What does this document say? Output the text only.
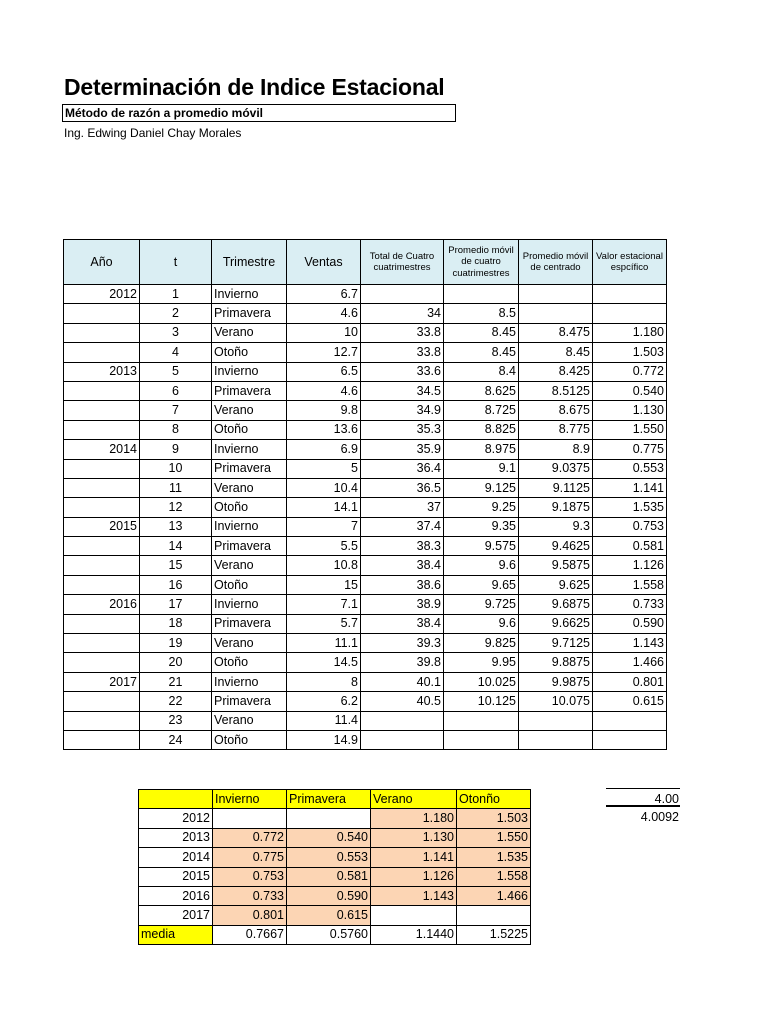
Determinación de Indice Estacional
Método de razón a promedio móvil
Ing. Edwing Daniel Chay Morales
Año	t	Trimestre	Ventas	Total de Cuatro cuatrimestres	Promedio móvil de cuatro cuatrimestres	Promedio móvil de centrado	Valor estacional espcífico
2012	1	Invierno	6.7				
	2	Primavera	4.6	34	8.5		
	3	Verano	10	33.8	8.45	8.475	1.180
	4	Otoño	12.7	33.8	8.45	8.45	1.503
2013	5	Invierno	6.5	33.6	8.4	8.425	0.772
	6	Primavera	4.6	34.5	8.625	8.5125	0.540
	7	Verano	9.8	34.9	8.725	8.675	1.130
	8	Otoño	13.6	35.3	8.825	8.775	1.550
2014	9	Invierno	6.9	35.9	8.975	8.9	0.775
	10	Primavera	5	36.4	9.1	9.0375	0.553
	11	Verano	10.4	36.5	9.125	9.1125	1.141
	12	Otoño	14.1	37	9.25	9.1875	1.535
2015	13	Invierno	7	37.4	9.35	9.3	0.753
	14	Primavera	5.5	38.3	9.575	9.4625	0.581
	15	Verano	10.8	38.4	9.6	9.5875	1.126
	16	Otoño	15	38.6	9.65	9.625	1.558
2016	17	Invierno	7.1	38.9	9.725	9.6875	0.733
	18	Primavera	5.7	38.4	9.6	9.6625	0.590
	19	Verano	11.1	39.3	9.825	9.7125	1.143
	20	Otoño	14.5	39.8	9.95	9.8875	1.466
2017	21	Invierno	8	40.1	10.025	9.9875	0.801
	22	Primavera	6.2	40.5	10.125	10.075	0.615
	23	Verano	11.4				
	24	Otoño	14.9				
	Invierno	Primavera	Verano	Otonño
2012			1.180	1.503
2013	0.772	0.540	1.130	1.550
2014	0.775	0.553	1.141	1.535
2015	0.753	0.581	1.126	1.558
2016	0.733	0.590	1.143	1.466
2017	0.801	0.615		
media	0.7667	0.5760	1.1440	1.5225
4.00
4.0092
